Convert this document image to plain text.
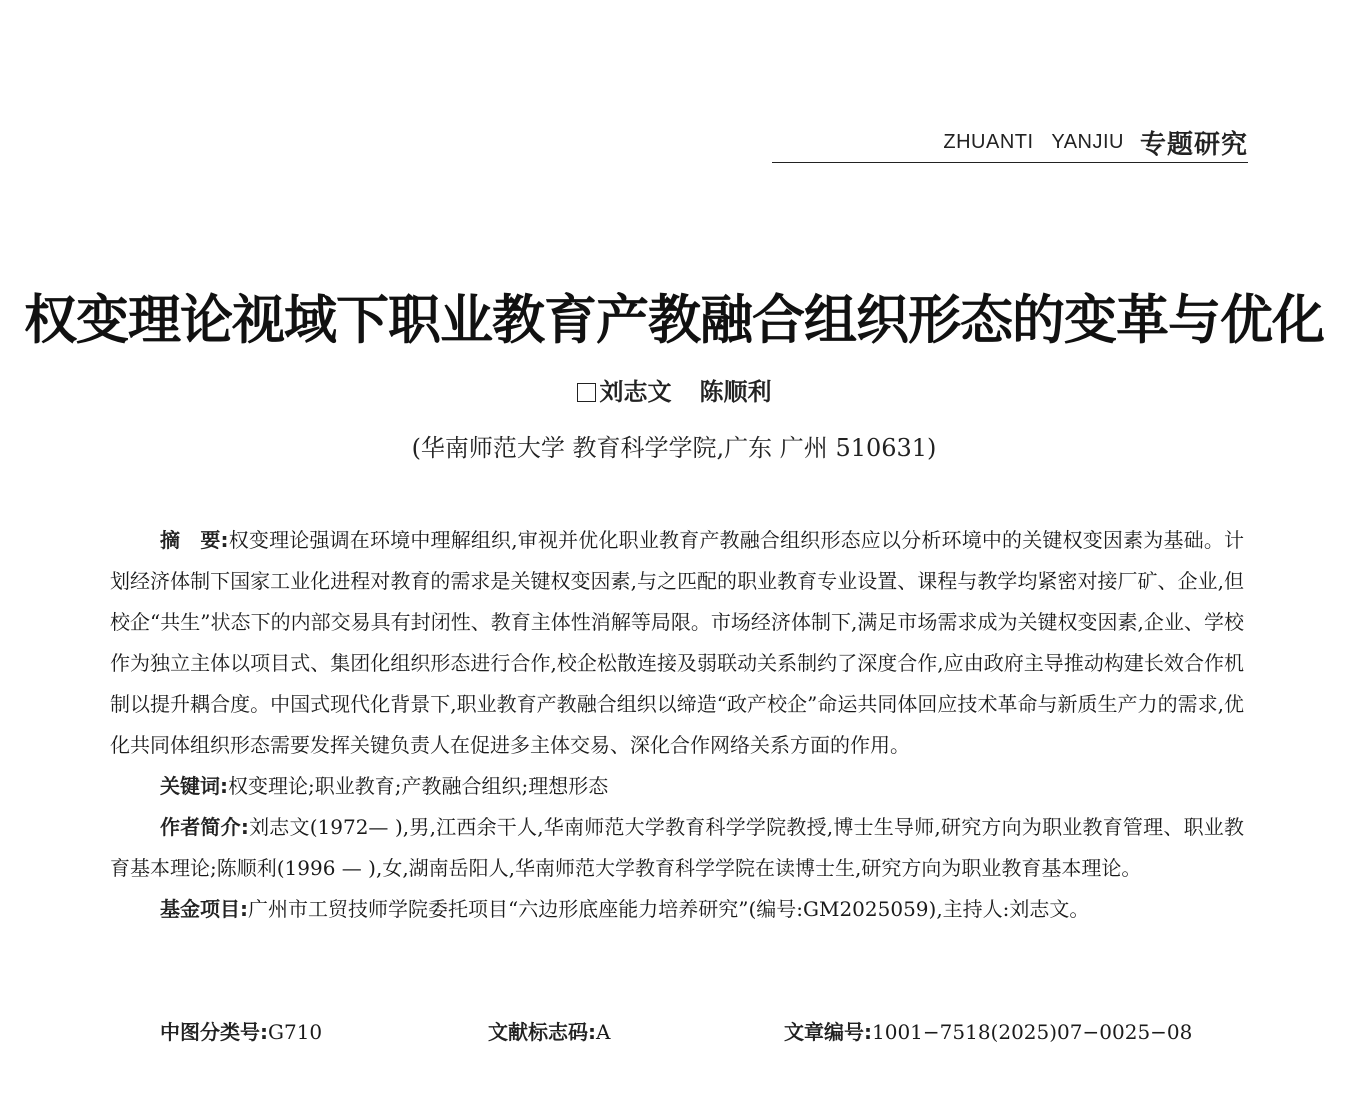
ZHUANTI   YANJIU 专题研究
权变理论视域下职业教育产教融合组织形态的变革与优化
刘志文 陈顺利
(华南师范大学 教育科学学院,广东 广州 510631)

摘　要:权变理论强调在环境中理解组织,审视并优化职业教育产教融合组织形态应以分析环境中的关键权变因素为基础。计划经济体制下国家工业化进程对教育的需求是关键权变因素,与之匹配的职业教育专业设置、课程与教学均紧密对接厂矿、企业,但校企“共生”状态下的内部交易具有封闭性、教育主体性消解等局限。市场经济体制下,满足市场需求成为关键权变因素,企业、学校作为独立主体以项目式、集团化组织形态进行合作,校企松散连接及弱联动关系制约了深度合作,应由政府主导推动构建长效合作机制以提升耦合度。中国式现代化背景下,职业教育产教融合组织以缔造“政产校企”命运共同体回应技术革命与新质生产力的需求,优化共同体组织形态需要发挥关键负责人在促进多主体交易、深化合作网络关系方面的作用。

关键词:权变理论;职业教育;产教融合组织;理想形态

作者简介:刘志文(1972— ),男,江西余干人,华南师范大学教育科学学院教授,博士生导师,研究方向为职业教育管理、职业教育基本理论;陈顺利(1996 — ),女,湖南岳阳人,华南师范大学教育科学学院在读博士生,研究方向为职业教育基本理论。

基金项目:广州市工贸技师学院委托项目“六边形底座能力培养研究”(编号:GM2025059),主持人:刘志文。

中图分类号:G710	文献标志码:A	文章编号:1001−7518(2025)07−0025−08
